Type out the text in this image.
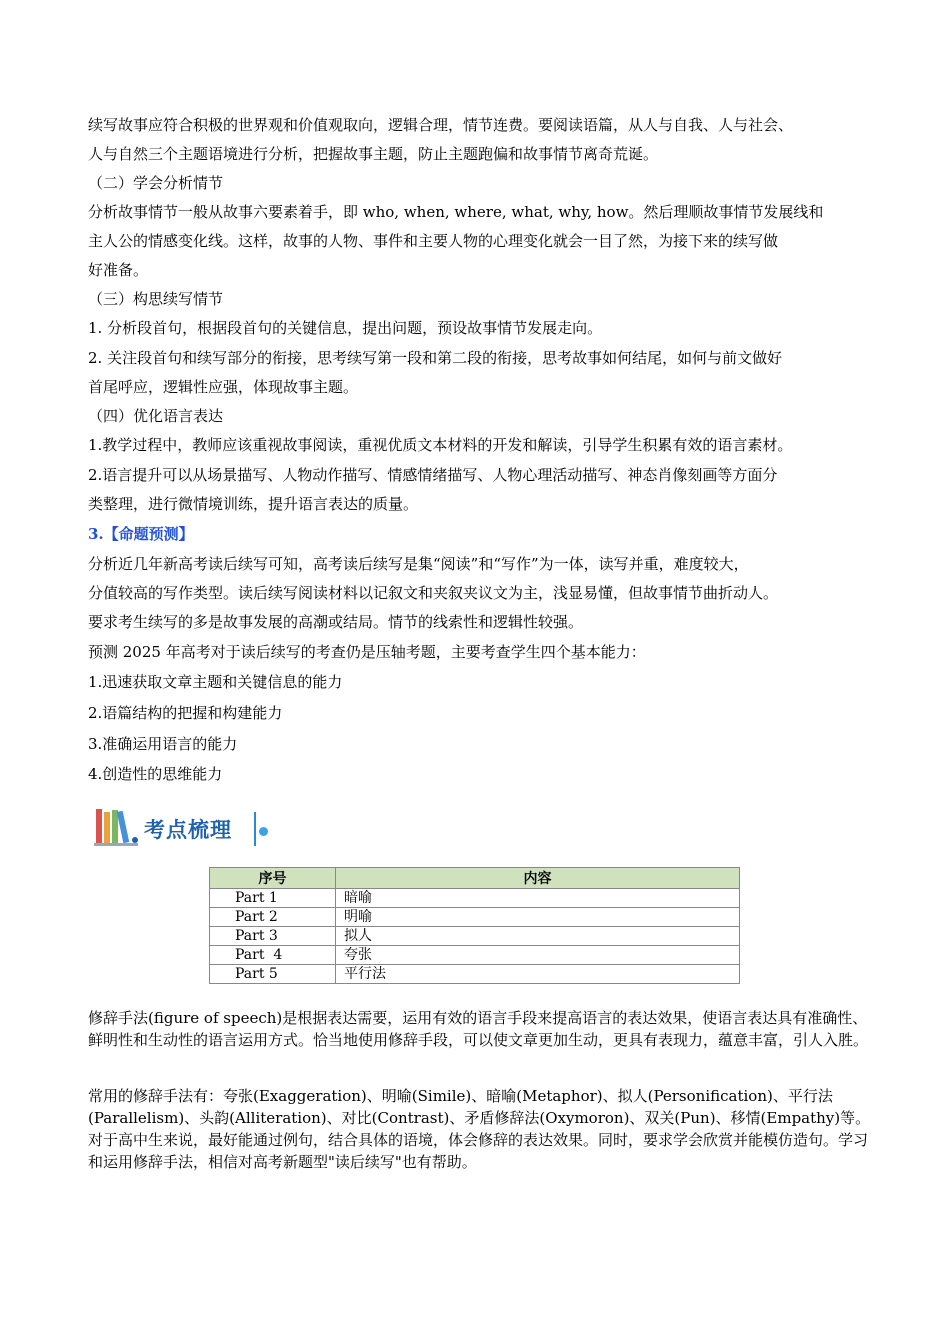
续写故事应符合积极的世界观和价值观取向，逻辑合理，情节连费。要阅读语篇，从人与自我、人与社会、
人与自然三个主题语境进行分析，把握故事主题，防止主题跑偏和故事情节离奇荒诞。
（二）学会分析情节
分析故事情节一般从故事六要素着手，即 who, when, where, what, why, how。然后理顺故事情节发展线和
主人公的情感变化线。这样，故事的人物、事件和主要人物的心理变化就会一目了然，为接下来的续写做
好准备。
（三）构思续写情节
1. 分析段首句，根据段首句的关键信息，提出问题，预设故事情节发展走向。
2. 关注段首句和续写部分的衔接，思考续写第一段和第二段的衔接，思考故事如何结尾，如何与前文做好
首尾呼应，逻辑性应强，体现故事主题。
（四）优化语言表达
1.教学过程中，教师应该重视故事阅读，重视优质文本材料的开发和解读，引导学生积累有效的语言素材。
2.语言提升可以从场景描写、人物动作描写、情感情绪描写、人物心理活动描写、神态肖像刻画等方面分
类整理，进行微情境训练，提升语言表达的质量。
3.【命题预测】
分析近几年新高考读后续写可知，高考读后续写是集“阅读”和“写作”为一体，读写并重，难度较大，
分值较高的写作类型。读后续写阅读材料以记叙文和夹叙夹议文为主，浅显易懂，但故事情节曲折动人。
要求考生续写的多是故事发展的高潮或结局。情节的线索性和逻辑性较强。
预测 2025 年高考对于读后续写的考查仍是压轴考题，主要考查学生四个基本能力：
1.迅速获取文章主题和关键信息的能力
2.语篇结构的把握和构建能力
3.准确运用语言的能力
4.创造性的思维能力
考点梳理
序号	内容
Part 1	暗喻
Part 2	明喻
Part 3	拟人
Part  4	夸张
Part 5	平行法
修辞手法(figure of speech)是根据表达需要，运用有效的语言手段来提高语言的表达效果，使语言表达具有准确性、鲜明性和生动性的语言运用方式。恰当地使用修辞手段，可以使文章更加生动，更具有表现力，蕴意丰富，引人入胜。
常用的修辞手法有：夸张(Exaggeration)、明喻(Simile)、暗喻(Metaphor)、拟人(Personification)、平行法(Parallelism)、头韵(Alliteration)、对比(Contrast)、矛盾修辞法(Oxymoron)、双关(Pun)、移情(Empathy)等。对于高中生来说，最好能通过例句，结合具体的语境，体会修辞的表达效果。同时，要求学会欣赏并能模仿造句。学习和运用修辞手法，相信对高考新题型"读后续写"也有帮助。
